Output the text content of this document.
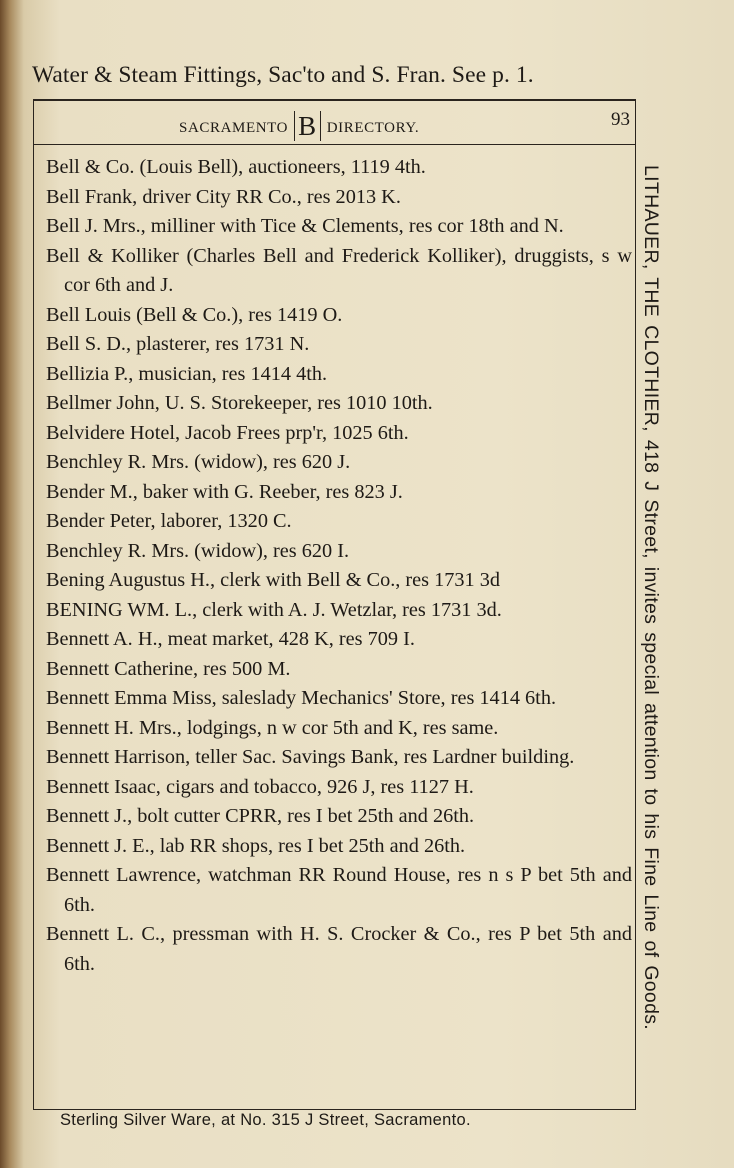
Water & Steam Fittings, Sac'to and S. Fran. See p. 1.
SACRAMENTO B DIRECTORY.	93
Bell & Co. (Louis Bell), auctioneers, 1119 4th.
Bell Frank, driver City RR Co., res 2013 K.
Bell J. Mrs., milliner with Tice & Clements, res cor 18th and N.
Bell & Kolliker (Charles Bell and Frederick Kolliker), druggists, s w cor 6th and J.
Bell Louis (Bell & Co.), res 1419 O.
Bell S. D., plasterer, res 1731 N.
Bellizia P., musician, res 1414 4th.
Bellmer John, U. S. Storekeeper, res 1010 10th.
Belvidere Hotel, Jacob Frees prp'r, 1025 6th.
Benchley R. Mrs. (widow), res 620 J.
Bender M., baker with G. Reeber, res 823 J.
Bender Peter, laborer, 1320 C.
Benchley R. Mrs. (widow), res 620 I.
Bening Augustus H., clerk with Bell & Co., res 1731 3d
BENING WM. L., clerk with A. J. Wetzlar, res 1731 3d.
Bennett A. H., meat market, 428 K, res 709 I.
Bennett Catherine, res 500 M.
Bennett Emma Miss, saleslady Mechanics' Store, res 1414 6th.
Bennett H. Mrs., lodgings, n w cor 5th and K, res same.
Bennett Harrison, teller Sac. Savings Bank, res Lardner building.
Bennett Isaac, cigars and tobacco, 926 J, res 1127 H.
Bennett J., bolt cutter CPRR, res I bet 25th and 26th.
Bennett J. E., lab RR shops, res I bet 25th and 26th.
Bennett Lawrence, watchman RR Round House, res n s P bet 5th and 6th.
Bennett L. C., pressman with H. S. Crocker & Co., res P bet 5th and 6th.	LITHAUER, THE CLOTHIER, 418 J Street, invites special attention to his Fine Line of Goods.
Sterling Silver Ware, at No. 315 J Street, Sacramento.
